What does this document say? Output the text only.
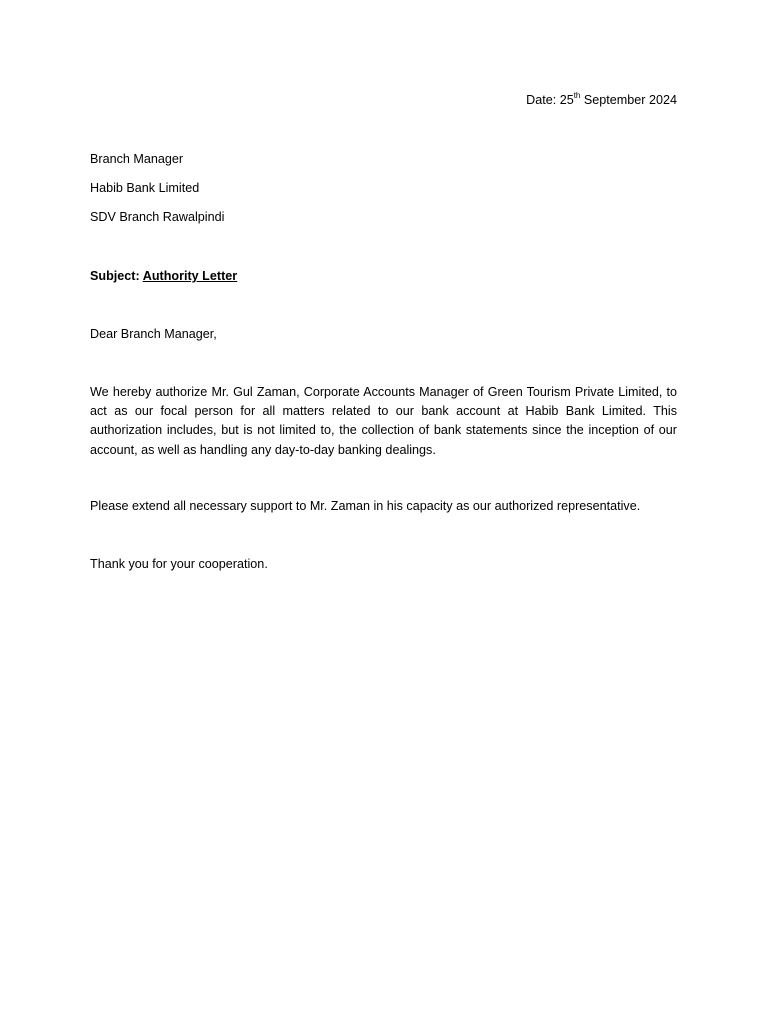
Date: 25th September 2024
Branch Manager
Habib Bank Limited
SDV Branch Rawalpindi
Subject: Authority Letter
Dear Branch Manager,
We hereby authorize Mr. Gul Zaman, Corporate Accounts Manager of Green Tourism Private Limited, to act as our focal person for all matters related to our bank account at Habib Bank Limited. This authorization includes, but is not limited to, the collection of bank statements since the inception of our account, as well as handling any day-to-day banking dealings.
Please extend all necessary support to Mr. Zaman in his capacity as our authorized representative.
Thank you for your cooperation.
